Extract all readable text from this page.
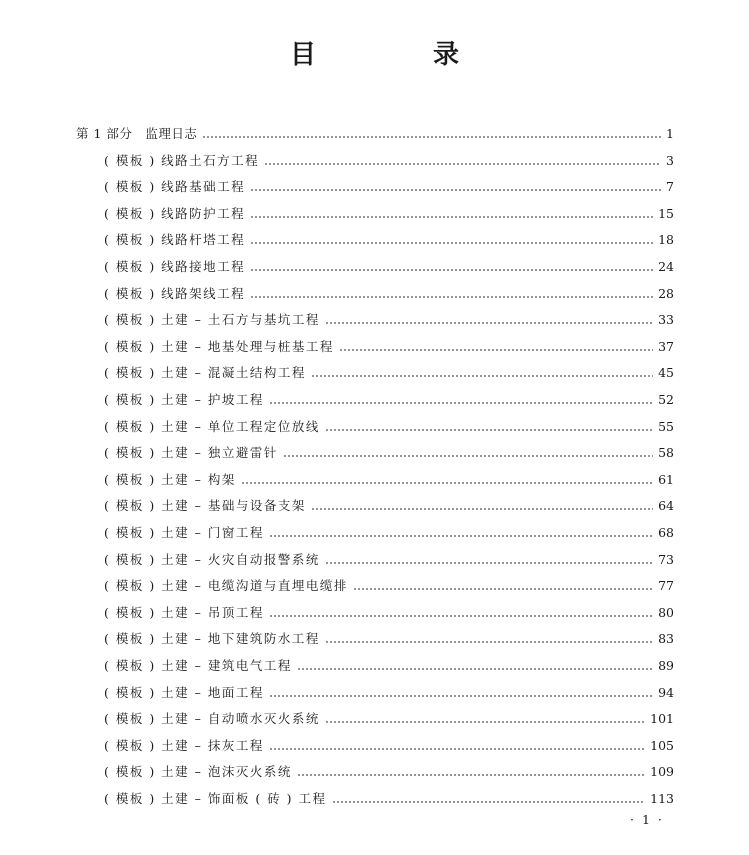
目 录
第 1 部分　监理日志	1
( 模板 ) 线路土石方工程	3
( 模板 ) 线路基础工程	7
( 模板 ) 线路防护工程	15
( 模板 ) 线路杆塔工程	18
( 模板 ) 线路接地工程	24
( 模板 ) 线路架线工程	28
( 模板 ) 土建 – 土石方与基坑工程	33
( 模板 ) 土建 – 地基处理与桩基工程	37
( 模板 ) 土建 – 混凝土结构工程	45
( 模板 ) 土建 – 护坡工程	52
( 模板 ) 土建 – 单位工程定位放线	55
( 模板 ) 土建 – 独立避雷针	58
( 模板 ) 土建 – 构架	61
( 模板 ) 土建 – 基础与设备支架	64
( 模板 ) 土建 – 门窗工程	68
( 模板 ) 土建 – 火灾自动报警系统	73
( 模板 ) 土建 – 电缆沟道与直埋电缆排	77
( 模板 ) 土建 – 吊顶工程	80
( 模板 ) 土建 – 地下建筑防水工程	83
( 模板 ) 土建 – 建筑电气工程	89
( 模板 ) 土建 – 地面工程	94
( 模板 ) 土建 – 自动喷水灭火系统	101
( 模板 ) 土建 – 抹灰工程	105
( 模板 ) 土建 – 泡沫灭火系统	109
( 模板 ) 土建 – 饰面板 ( 砖 ) 工程	113
· 1 ·
